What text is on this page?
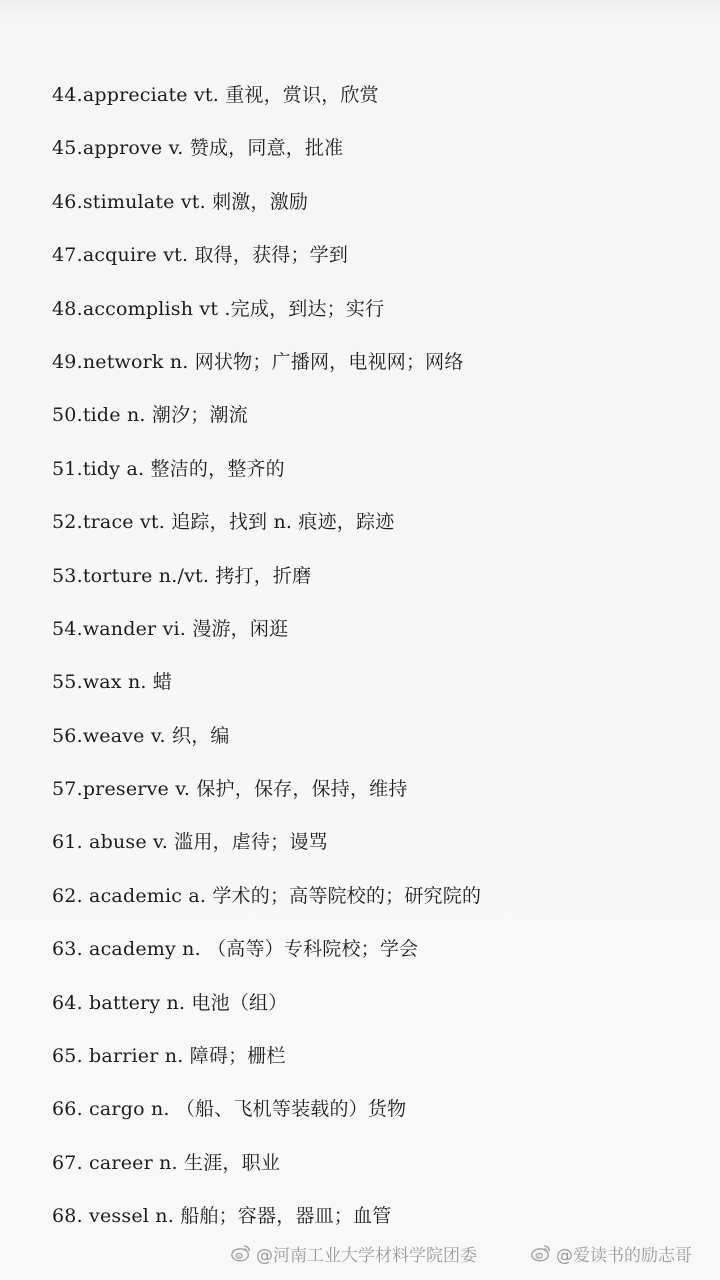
44.appreciate vt. 重视，赏识，欣赏
45.approve v. 赞成，同意，批准
46.stimulate vt. 刺激，激励
47.acquire vt. 取得，获得；学到
48.accomplish vt .完成，到达；实行
49.network n. 网状物；广播网，电视网；网络
50.tide n. 潮汐；潮流
51.tidy a. 整洁的，整齐的
52.trace vt. 追踪，找到 n. 痕迹，踪迹
53.torture n./vt. 拷打，折磨
54.wander vi. 漫游，闲逛
55.wax n. 蜡
56.weave v. 织，编
57.preserve v. 保护，保存，保持，维持
61. abuse v. 滥用，虐待；谩骂
62. academic a. 学术的；高等院校的；研究院的
63. academy n. （高等）专科院校；学会
64. battery n. 电池（组）
65. barrier n. 障碍；栅栏
66. cargo n. （船、飞机等装载的）货物
67. career n. 生涯，职业
68. vessel n. 船舶；容器，器皿；血管
@河南工业大学材料学院团委	@爱读书的励志哥
